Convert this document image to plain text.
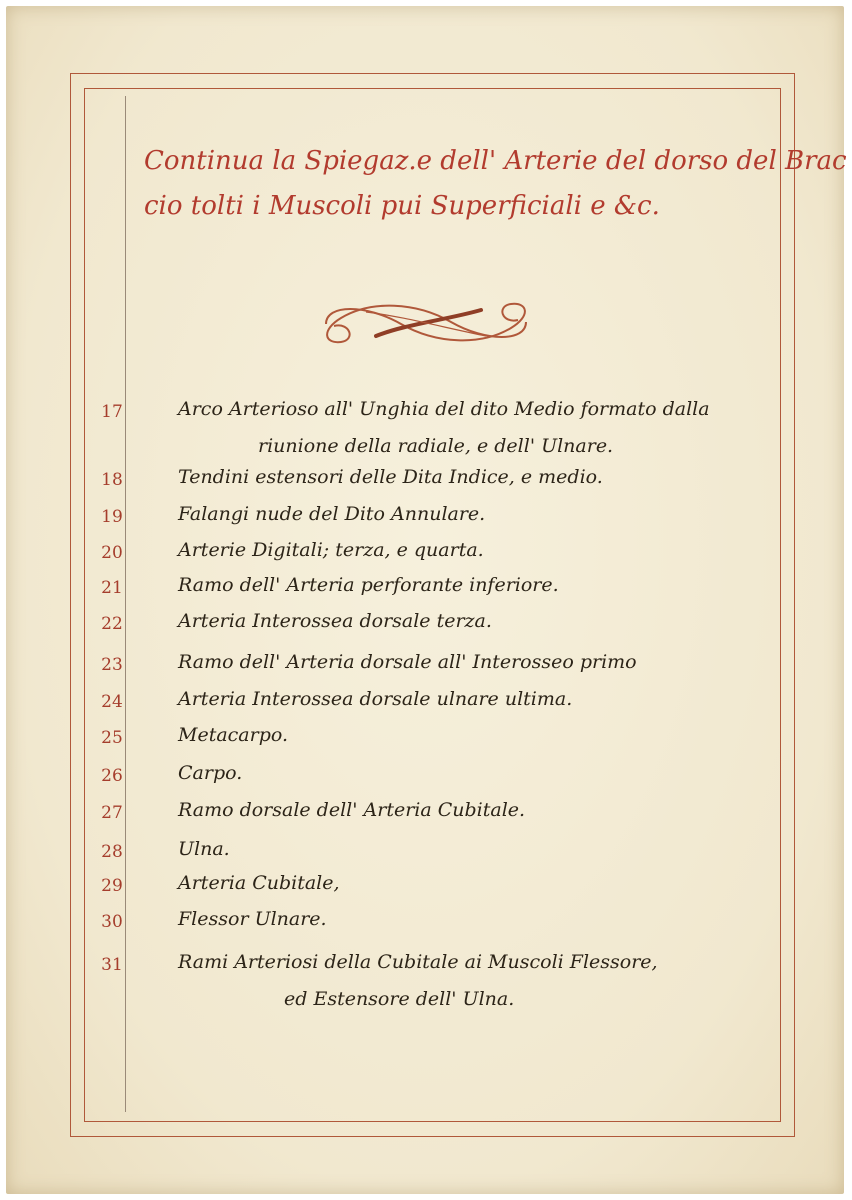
Continua la Spiegaz.e dell' Arterie del dorso del Brac
cio tolti i Muscoli pui Superficiali e &c.
17	Arco Arterioso all' Unghia del dito Medio formato dalla
riunione della radiale, e dell' Ulnare.
18	Tendini estensori delle Dita Indice, e medio.
19	Falangi nude del Dito Annulare.
20	Arterie Digitali; terza, e quarta.
21	Ramo dell' Arteria perforante inferiore.
22	Arteria Interossea dorsale terza.
23	Ramo dell' Arteria dorsale all' Interosseo primo
24	Arteria Interossea dorsale ulnare ultima.
25	Metacarpo.
26	Carpo.
27	Ramo dorsale dell' Arteria Cubitale.
28	Ulna.
29	Arteria Cubitale,
30	Flessor Ulnare.
31	Rami Arteriosi della Cubitale ai Muscoli Flessore,
ed Estensore dell' Ulna.
